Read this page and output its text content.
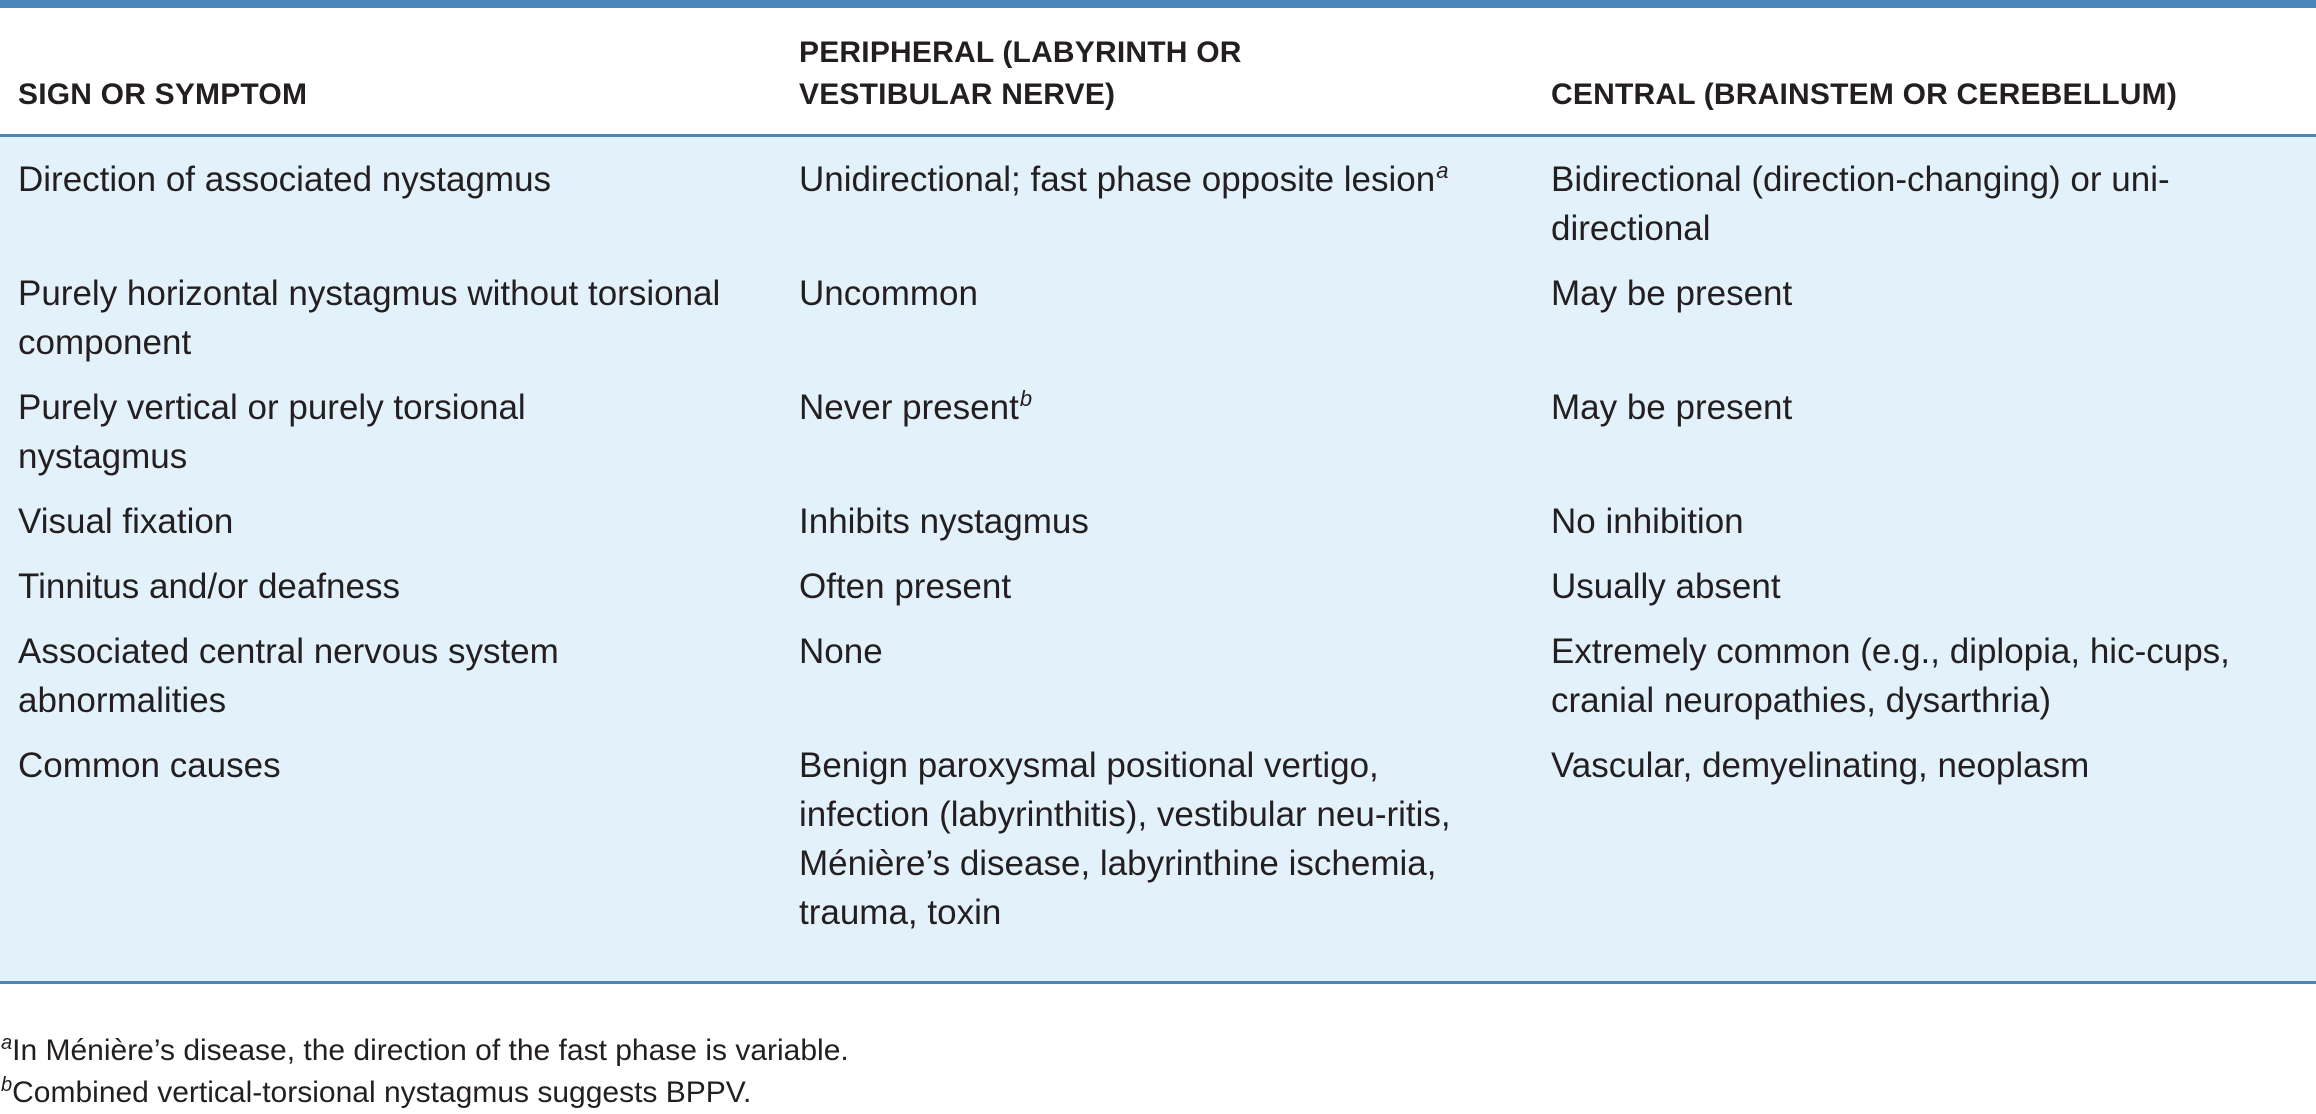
SIGN OR SYMPTOM	PERIPHERAL (LABYRINTH OR VESTIBULAR NERVE)	CENTRAL (BRAINSTEM OR CEREBELLUM)
Direction of associated nystagmus	Unidirectional; fast phase opposite lesion$^a$	Bidirectional (direction-changing) or uni-directional
Purely horizontal nystagmus without torsional component	Uncommon	May be present
Purely vertical or purely torsional nystagmus	Never present$^b$	May be present
Visual fixation	Inhibits nystagmus	No inhibition
Tinnitus and/or deafness	Often present	Usually absent
Associated central nervous system abnormalities	None	Extremely common (e.g., diplopia, hic-cups, cranial neuropathies, dysarthria)
Common causes	Benign paroxysmal positional vertigo, infection (labyrinthitis), vestibular neu-ritis, Ménière’s disease, labyrinthine ischemia, trauma, toxin	Vascular, demyelinating, neoplasm
$^a$In Ménière’s disease, the direction of the fast phase is variable.
$^b$Combined vertical-torsional nystagmus suggests BPPV.
